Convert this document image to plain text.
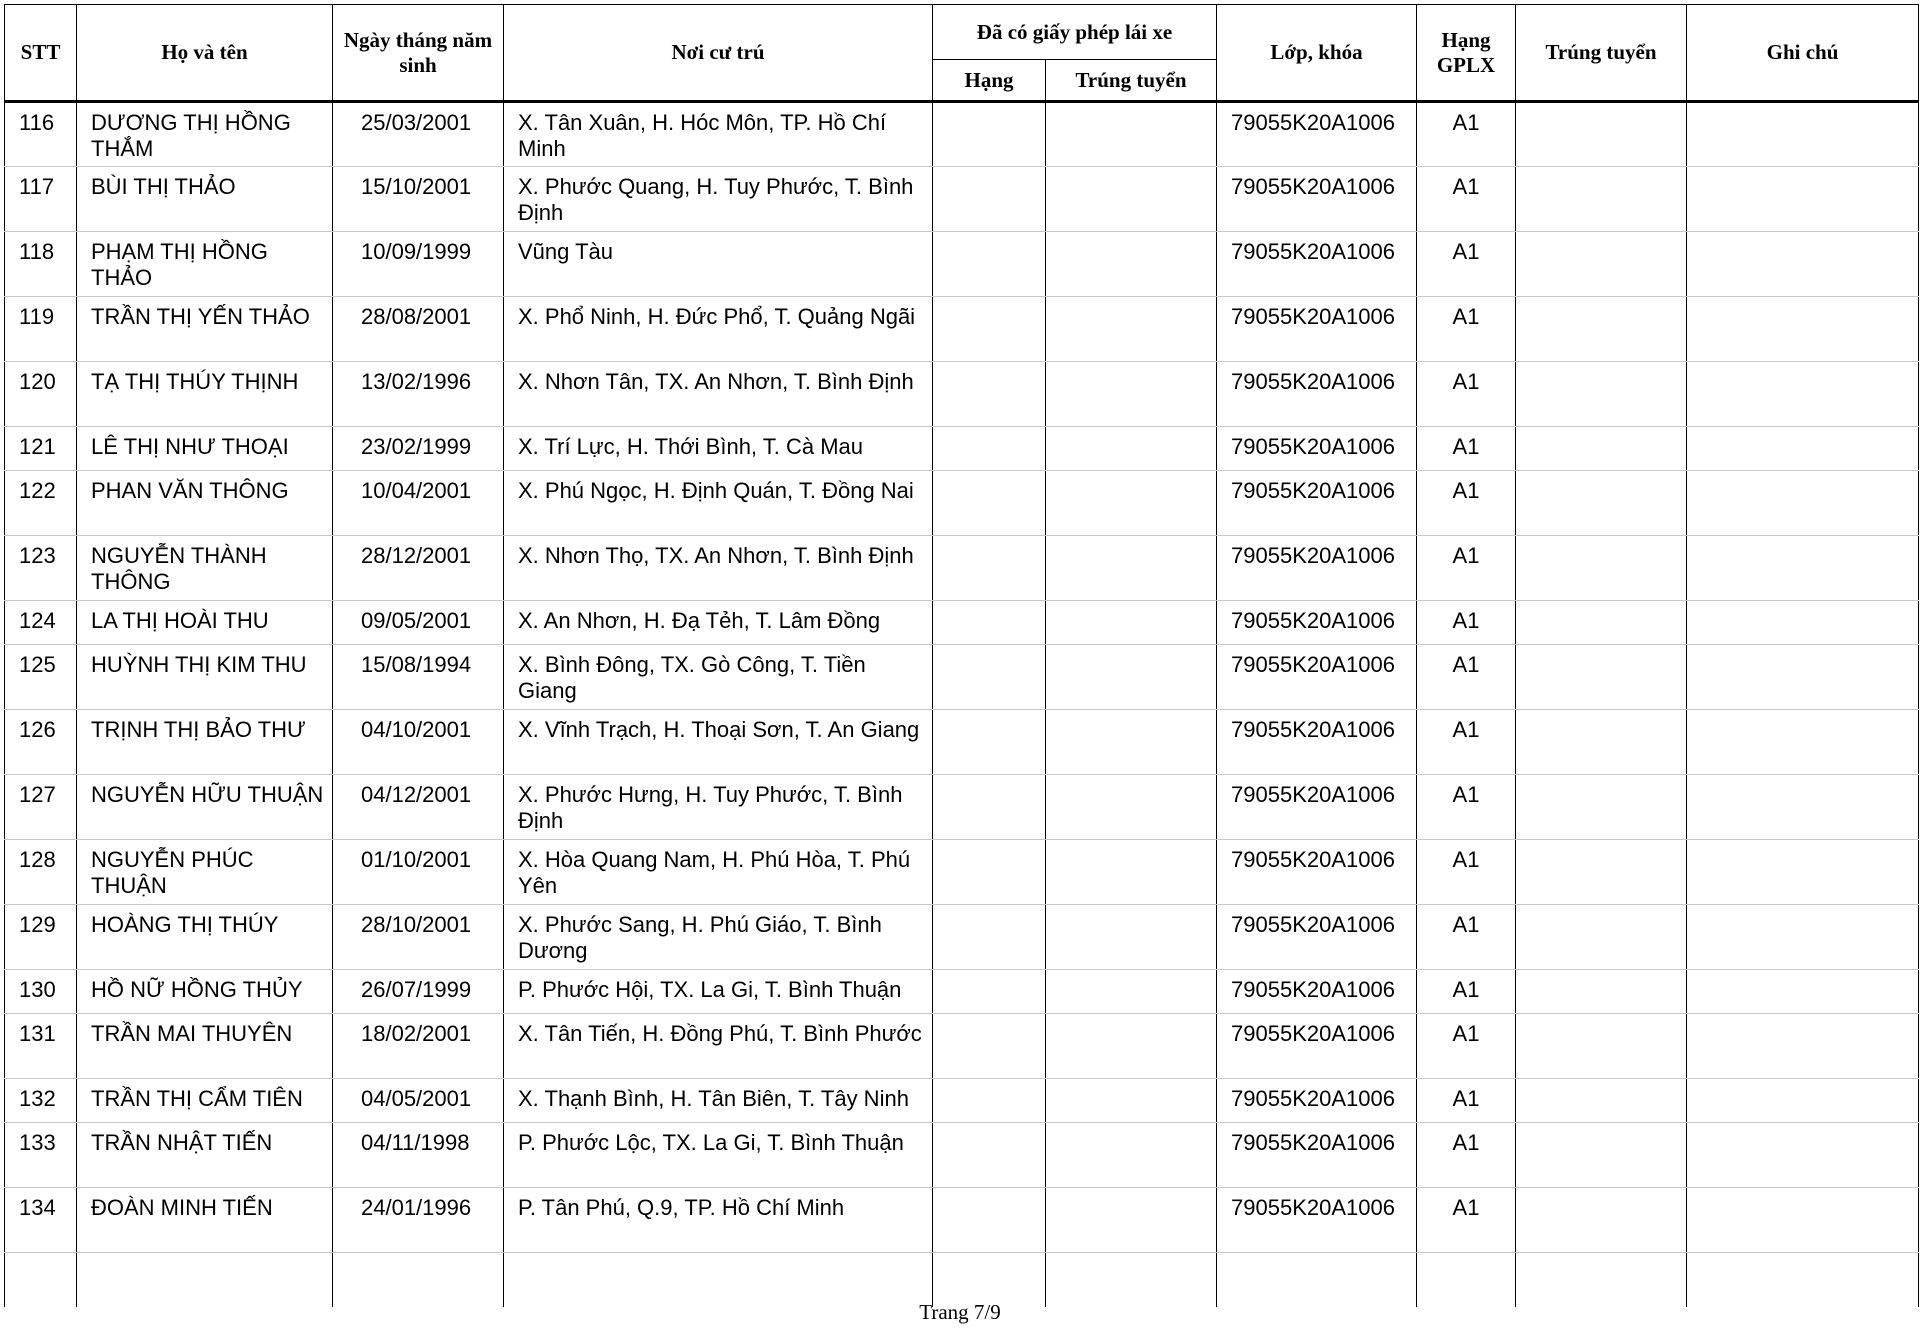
STT	Họ và tên	Ngày tháng năm sinh	Nơi cư trú	Đã có giấy phép lái xe		Lớp, khóa	Hạng GPLX	Trúng tuyển	Ghi chú
				Hạng	Trúng tuyển				
116	DƯƠNG THỊ HỒNG THẮM	25/03/2001	X. Tân Xuân, H. Hóc Môn, TP. Hồ Chí Minh			79055K20A1006	A1		
117	BÙI THỊ THẢO	15/10/2001	X. Phước Quang, H. Tuy Phước, T. Bình Định			79055K20A1006	A1		
118	PHẠM THỊ HỒNG THẢO	10/09/1999	Vũng Tàu			79055K20A1006	A1		
119	TRẦN THỊ YẾN THẢO	28/08/2001	X. Phổ Ninh, H. Đức Phổ, T. Quảng Ngãi			79055K20A1006	A1		
120	TẠ THỊ THÚY THỊNH	13/02/1996	X. Nhơn Tân, TX. An Nhơn, T. Bình Định			79055K20A1006	A1		
121	LÊ THỊ NHƯ THOẠI	23/02/1999	X. Trí Lực, H. Thới Bình, T. Cà Mau			79055K20A1006	A1		
122	PHAN VĂN THÔNG	10/04/2001	X. Phú Ngọc, H. Định Quán, T. Đồng Nai			79055K20A1006	A1		
123	NGUYỄN THÀNH THÔNG	28/12/2001	X. Nhơn Thọ, TX. An Nhơn, T. Bình Định			79055K20A1006	A1		
124	LA THỊ HOÀI THU	09/05/2001	X. An Nhơn, H. Đạ Tẻh, T. Lâm Đồng			79055K20A1006	A1		
125	HUỲNH THỊ KIM THU	15/08/1994	X. Bình Đông, TX. Gò Công, T. Tiền Giang			79055K20A1006	A1		
126	TRỊNH THỊ BẢO THƯ	04/10/2001	X. Vĩnh Trạch, H. Thoại Sơn, T. An Giang			79055K20A1006	A1		
127	NGUYỄN HỮU THUẬN	04/12/2001	X. Phước Hưng, H. Tuy Phước, T. Bình Định			79055K20A1006	A1		
128	NGUYỄN PHÚC THUẬN	01/10/2001	X. Hòa Quang Nam, H. Phú Hòa, T. Phú Yên			79055K20A1006	A1		
129	HOÀNG THỊ THÚY	28/10/2001	X. Phước Sang, H. Phú Giáo, T. Bình Dương			79055K20A1006	A1		
130	HỒ NỮ HỒNG THỦY	26/07/1999	P. Phước Hội, TX. La Gi, T. Bình Thuận			79055K20A1006	A1		
131	TRẦN MAI THUYÊN	18/02/2001	X. Tân Tiến, H. Đồng Phú, T. Bình Phước			79055K20A1006	A1		
132	TRẦN THỊ CẨM TIÊN	04/05/2001	X. Thạnh Bình, H. Tân Biên, T. Tây Ninh			79055K20A1006	A1		
133	TRẦN NHẬT TIẾN	04/11/1998	P. Phước Lộc, TX. La Gi, T. Bình Thuận			79055K20A1006	A1		
134	ĐOÀN MINH TIẾN	24/01/1996	P. Tân Phú, Q.9, TP. Hồ Chí Minh			79055K20A1006	A1		

Trang 7/9
